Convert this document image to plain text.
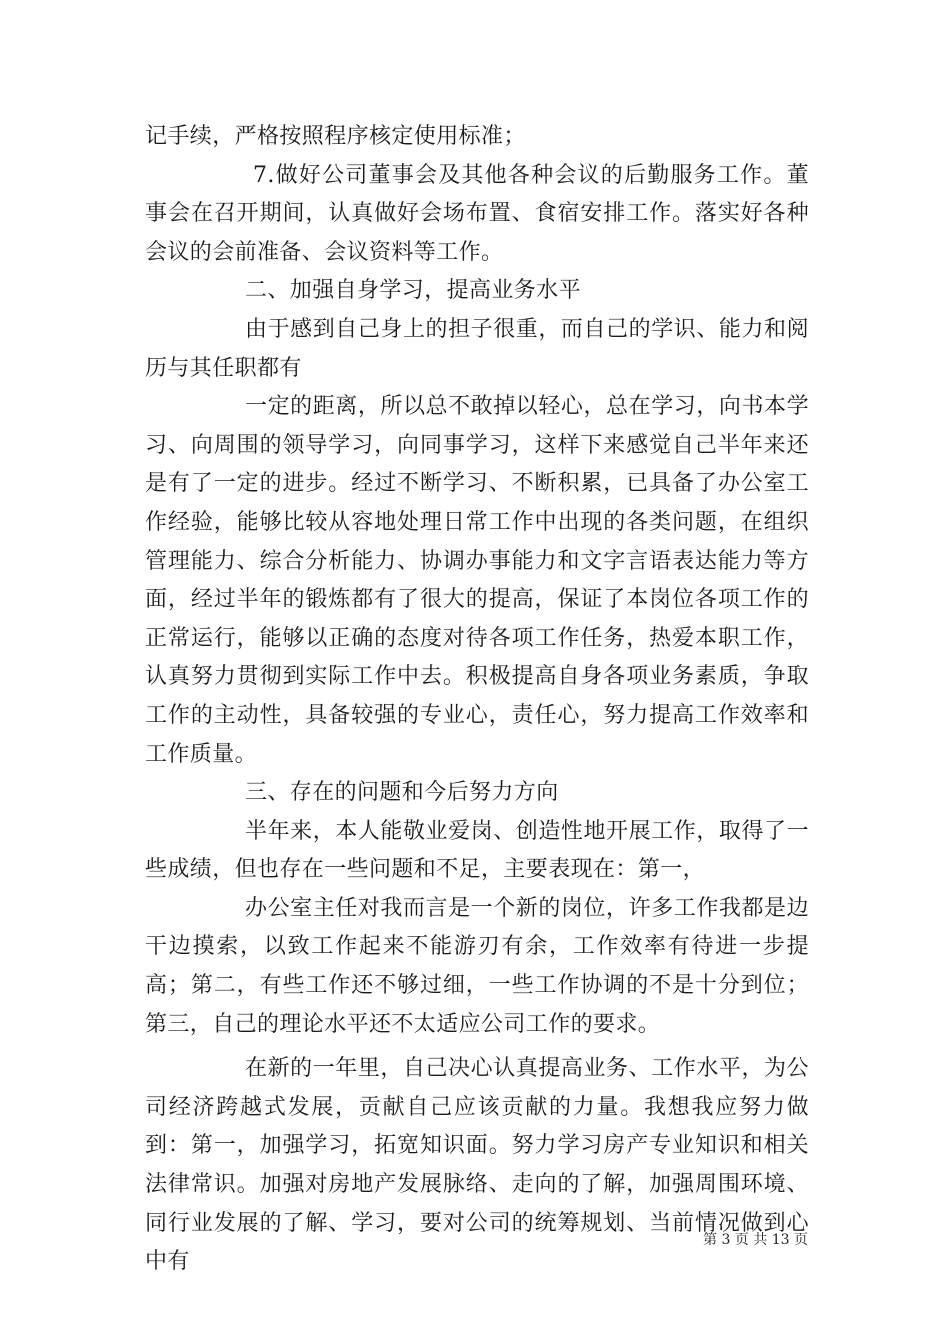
记手续，严格按照程序核定使用标准；

7.做好公司董事会及其他各种会议的后勤服务工作。董事会在召开期间，认真做好会场布置、食宿安排工作。落实好各种会议的会前准备、会议资料等工作。

二、加强自身学习，提高业务水平

由于感到自己身上的担子很重，而自己的学识、能力和阅历与其任职都有

一定的距离，所以总不敢掉以轻心，总在学习，向书本学习、向周围的领导学习，向同事学习，这样下来感觉自己半年来还是有了一定的进步。经过不断学习、不断积累，已具备了办公室工作经验，能够比较从容地处理日常工作中出现的各类问题，在组织管理能力、综合分析能力、协调办事能力和文字言语表达能力等方面，经过半年的锻炼都有了很大的提高，保证了本岗位各项工作的正常运行，能够以正确的态度对待各项工作任务，热爱本职工作，认真努力贯彻到实际工作中去。积极提高自身各项业务素质，争取工作的主动性，具备较强的专业心，责任心，努力提高工作效率和工作质量。

三、存在的问题和今后努力方向

半年来，本人能敬业爱岗、创造性地开展工作，取得了一些成绩，但也存在一些问题和不足，主要表现在：第一，

办公室主任对我而言是一个新的岗位，许多工作我都是边干边摸索，以致工作起来不能游刃有余，工作效率有待进一步提高；第二，有些工作还不够过细，一些工作协调的不是十分到位；第三，自己的理论水平还不太适应公司工作的要求。

在新的一年里，自己决心认真提高业务、工作水平，为公司经济跨越式发展，贡献自己应该贡献的力量。我想我应努力做到：第一，加强学习，拓宽知识面。努力学习房产专业知识和相关法律常识。加强对房地产发展脉络、走向的了解，加强周围环境、同行业发展的了解、学习，要对公司的统筹规划、当前情况做到心中有

第 3 页 共 13 页
